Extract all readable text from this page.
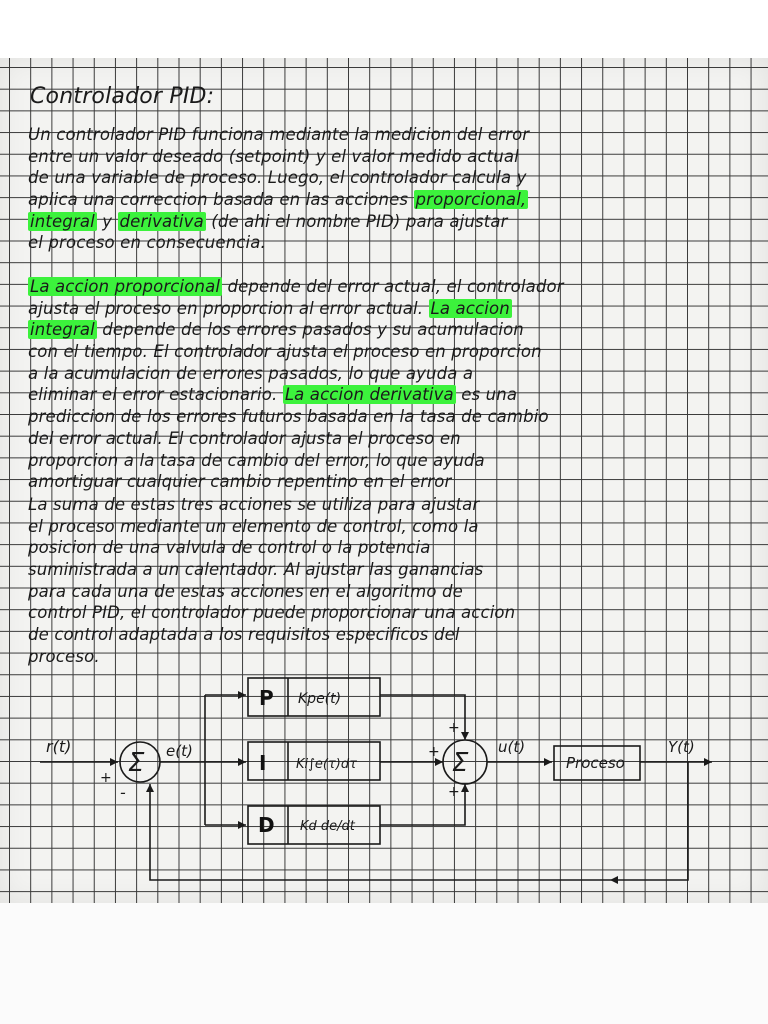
Controlador PID:
Un controlador PID funciona mediante la medicion del error
entre un valor deseado (setpoint) y el valor medido actual
de una variable de proceso. Luego, el controlador calcula y
aplica una correccion basada en las acciones proporcional,
integral y derivativa (de ahi el nombre PID) para ajustar
el proceso en consecuencia.
La accion proporcional depende del error actual, el controlador
ajusta el proceso en proporcion al error actual. La accion
integral depende de los errores pasados y su acumulacion
con el tiempo. El controlador ajusta el proceso en proporcion
a la acumulacion de errores pasados, lo que ayuda a
eliminar el error estacionario. La accion derivativa es una
prediccion de los errores futuros basada en la tasa de cambio
del error actual. El controlador ajusta el proceso en
proporcion a la tasa de cambio del error, lo que ayuda
amortiguar cualquier cambio repentino en el error
La suma de estas tres acciones se utiliza para ajustar
el proceso mediante un elemento de control, como la
posicion de una valvula de control o la potencia
suministrada a un calentador. Al ajustar las ganancias
para cada una de estas acciones en el algoritmo de
control PID, el controlador puede proporcionar una accion
de control adaptada a los requisitos especificos del
proceso.
r(t)
Σ
+
-
e(t)
P Kpe(t)
I Ki∫e(τ)dτ
D Kd de/dt
Σ
+
+
+
u(t)
Proceso
Y(t)
